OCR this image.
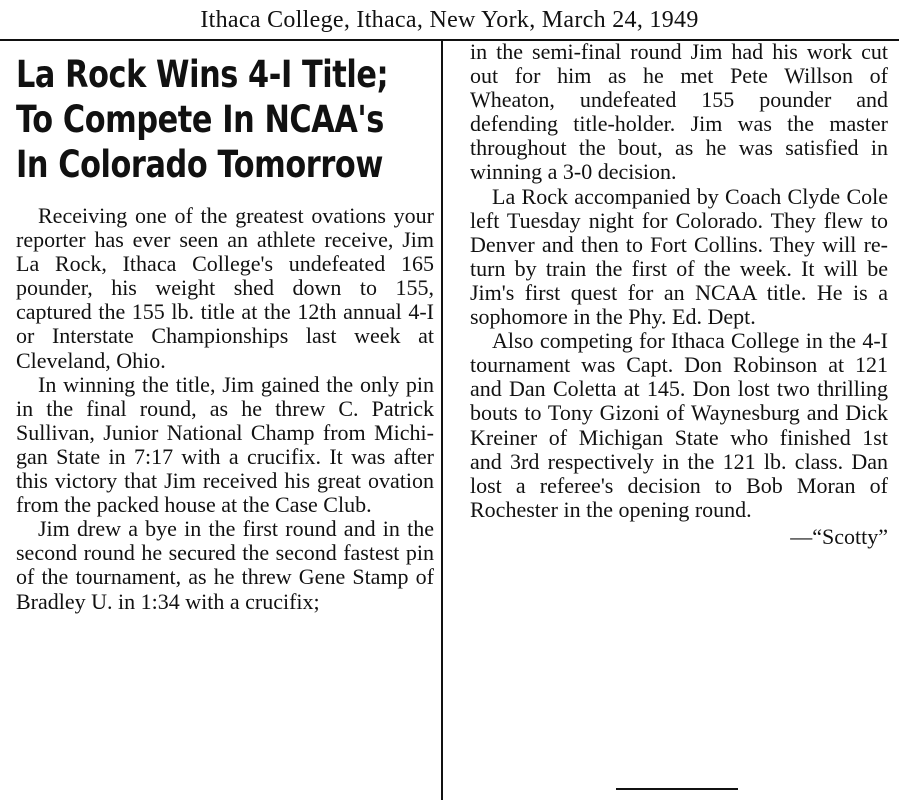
Ithaca College, Ithaca, New York, March 24, 1949
La Rock Wins 4-I Title;
To Compete In NCAA's
In Colorado Tomorrow

Receiving one of the greatest ovations your reporter has ever seen an athlete receive, Jim La Rock, Ithaca College's undefeated 165 pounder, his weight shed down to 155, captured the 155 lb. title at the 12th annual 4-I or Interstate Championships last week at Cleveland, Ohio.

In winning the title, Jim gained the only pin in the final round, as he threw C. Patrick Sullivan, Junior National Champ from Michigan State in 7:17 with a crucifix. It was after this victory that Jim received his great ovation from the packed house at the Case Club.

Jim drew a bye in the first round and in the second round he secured the second fastest pin of the tournament, as he threw Gene Stamp of Bradley U. in 1:34 with a crucifix;

in the semi-final round Jim had his work cut out for him as he met Pete Willson of Wheaton, undefeated 155 pounder and defending title-holder. Jim was the master throughout the bout, as he was satisfied in winning a 3-0 decision.

La Rock accompanied by Coach Clyde Cole left Tuesday night for Colorado. They flew to Denver and then to Fort Collins. They will return by train the first of the week. It will be Jim's first quest for an NCAA title. He is a sophomore in the Phy. Ed. Dept.

Also competing for Ithaca College in the 4-I tournament was Capt. Don Robinson at 121 and Dan Coletta at 145. Don lost two thrilling bouts to Tony Gizoni of Waynesburg and Dick Kreiner of Michigan State who finished 1st and 3rd respectively in the 121 lb. class. Dan lost a referee's decision to Bob Moran of Rochester in the opening round.

—“Scotty”
